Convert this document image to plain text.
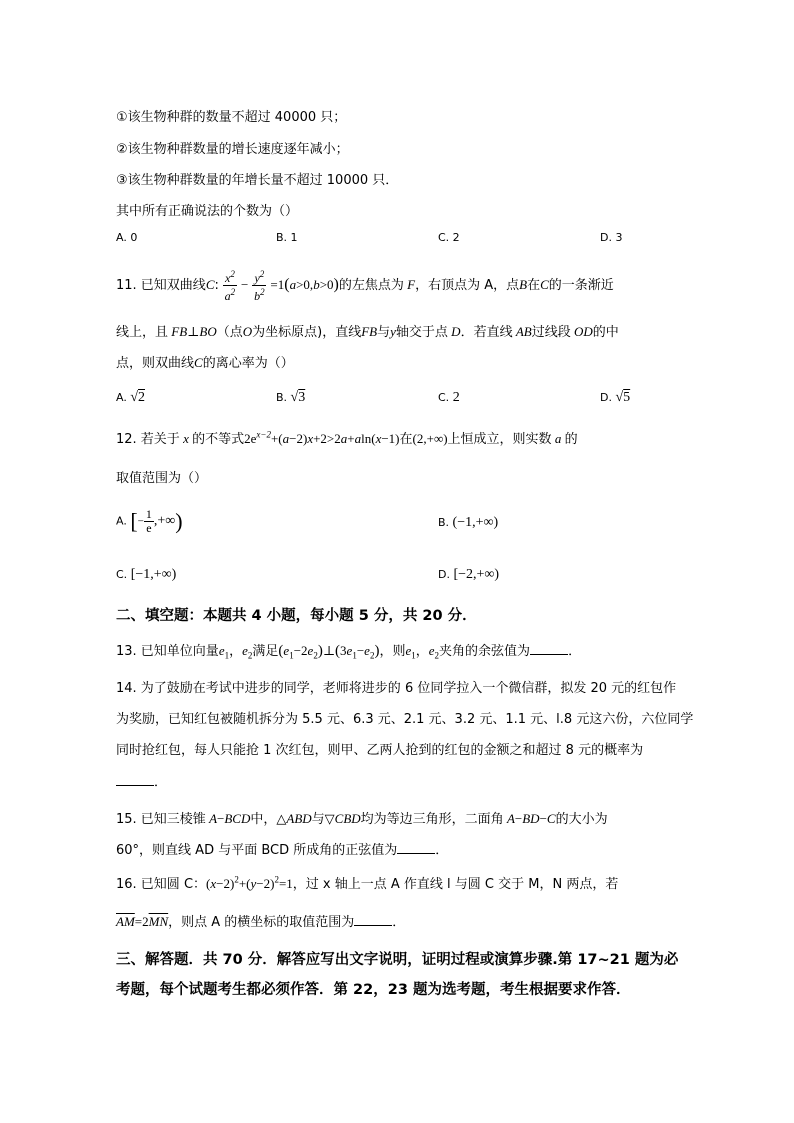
①该生物种群的数量不超过 40000 只；
②该生物种群数量的增长速度逐年减小；
③该生物种群数量的年增长量不超过 10000 只．
其中所有正确说法的个数为（）
A. 0	B. 1	C. 2	D. 3
11. 已知双曲线C: $\frac{x^2}{a^2} - \frac{y^2}{b^2} =1(a>0,b>0)$的左焦点为 F，右顶点为 A，点B在C的一条渐近
线上，且 FB⊥BO（点O为坐标原点)，直线FB与y轴交于点 D．若直线 AB过线段 OD的中
点，则双曲线C的离心率为（）
A. √2	B. √3	C. 2	D. √5
12. 若关于 x 的不等式$2e^{x-2}+(a-2)x+2>2a+aln(x-1)$在(2,+∞)上恒成立，则实数 a 的
取值范围为（）
A. [− $\frac{1}{e}$ ,+∞)	B. (−1,+∞)
C. [−1,+∞)	D. [−2,+∞)
二、填空题：本题共 4 小题，每小题 5 分，共 20 分．
13. 已知单位向量$e_1$，$e_2$满足$(e_1-2e_2)\perp(3e_1-e_2)$，则$e_1$，$e_2$夹角的余弦值为	．
14. 为了鼓励在考试中进步的同学，老师将进步的 6 位同学拉入一个微信群，拟发 20 元的红包作
为奖励，已知红包被随机拆分为 5.5 元、6.3 元、2.1 元、3.2 元、1.1 元、l.8 元这六份，六位同学
同时抢红包，每人只能抢 1 次红包，则甲、乙两人抢到的红包的金额之和超过 8 元的概率为
．
15. 已知三棱锥 A−BCD中，△ABD与▽CBD均为等边三角形，二面角 A−BD−C的大小为
60°，则直线 AD 与平面 BCD 所成角的正弦值为	．
16. 已知圆 C：$(x-2)^2+(y-2)^2=1$，过 x 轴上一点 A 作直线 l 与圆 C 交于 M，N 两点，若
$\overline{AM}=2\overline{MN}$，则点 A 的横坐标的取值范围为	．
三、解答题．共 70 分．解答应写出文字说明，证明过程或演算步骤.第 17~21 题为必
考题，每个试题考生都必须作答．第 22，23 题为选考题，考生根据要求作答．
